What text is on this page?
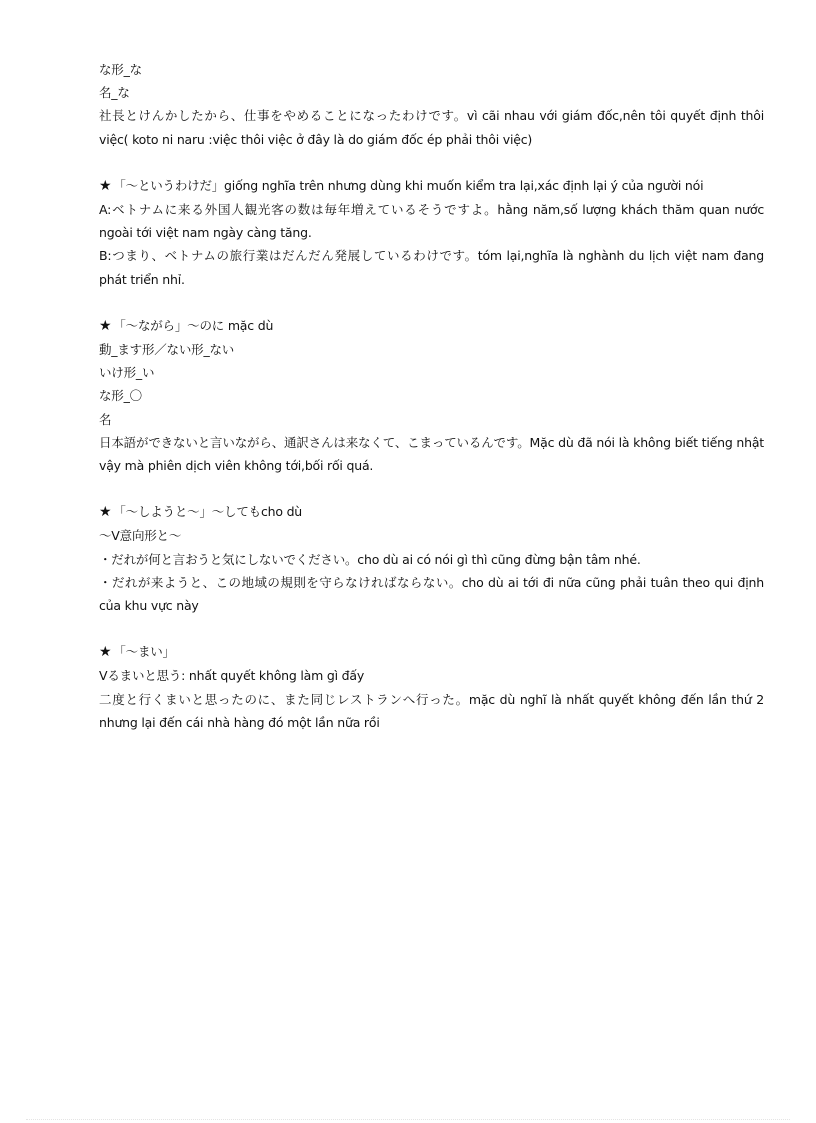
な形_な
名_な
社長とけんかしたから、仕事をやめることになったわけです。vì cãi nhau với giám đốc,nên tôi quyết định thôi việc( koto ni naru :việc thôi việc ở đây là do giám đốc ép phải thôi việc)
★ 「〜というわけだ」giống nghĩa trên nhưng dùng khi muốn kiểm tra lại,xác định lại ý của người nói
A:ベトナムに来る外国人観光客の数は毎年増えているそうですよ。hằng năm,số lượng khách thăm quan nước ngoài tới việt nam ngày càng tăng.
B:つまり、ベトナムの旅行業はだんだん発展しているわけです。tóm lại,nghĩa là nghành du lịch việt nam đang phát triển nhỉ.
★ 「〜ながら」〜のに mặc dù
動_ます形／ない形_ない
いけ形_い
な形_〇
名
日本語ができないと言いながら、通訳さんは来なくて、こまっているんです。Mặc dù đã nói là không biết tiếng nhật vậy mà phiên dịch viên không tới,bối rối quá.
★ 「〜しようと〜」〜してもcho dù
〜V意向形と〜
・だれが何と言おうと気にしないでください。cho dù ai có nói gì thì cũng đừng bận tâm nhé.
・だれが来ようと、この地域の規則を守らなければならない。cho dù ai tới đi nữa cũng phải tuân theo qui định của khu vực này
★ 「〜まい」
Vるまいと思う: nhất quyết không làm gì đấy
二度と行くまいと思ったのに、また同じレストランへ行った。mặc dù nghĩ là nhất quyết không đến lần thứ 2 nhưng lại đến cái nhà hàng đó một lần nữa rồi
